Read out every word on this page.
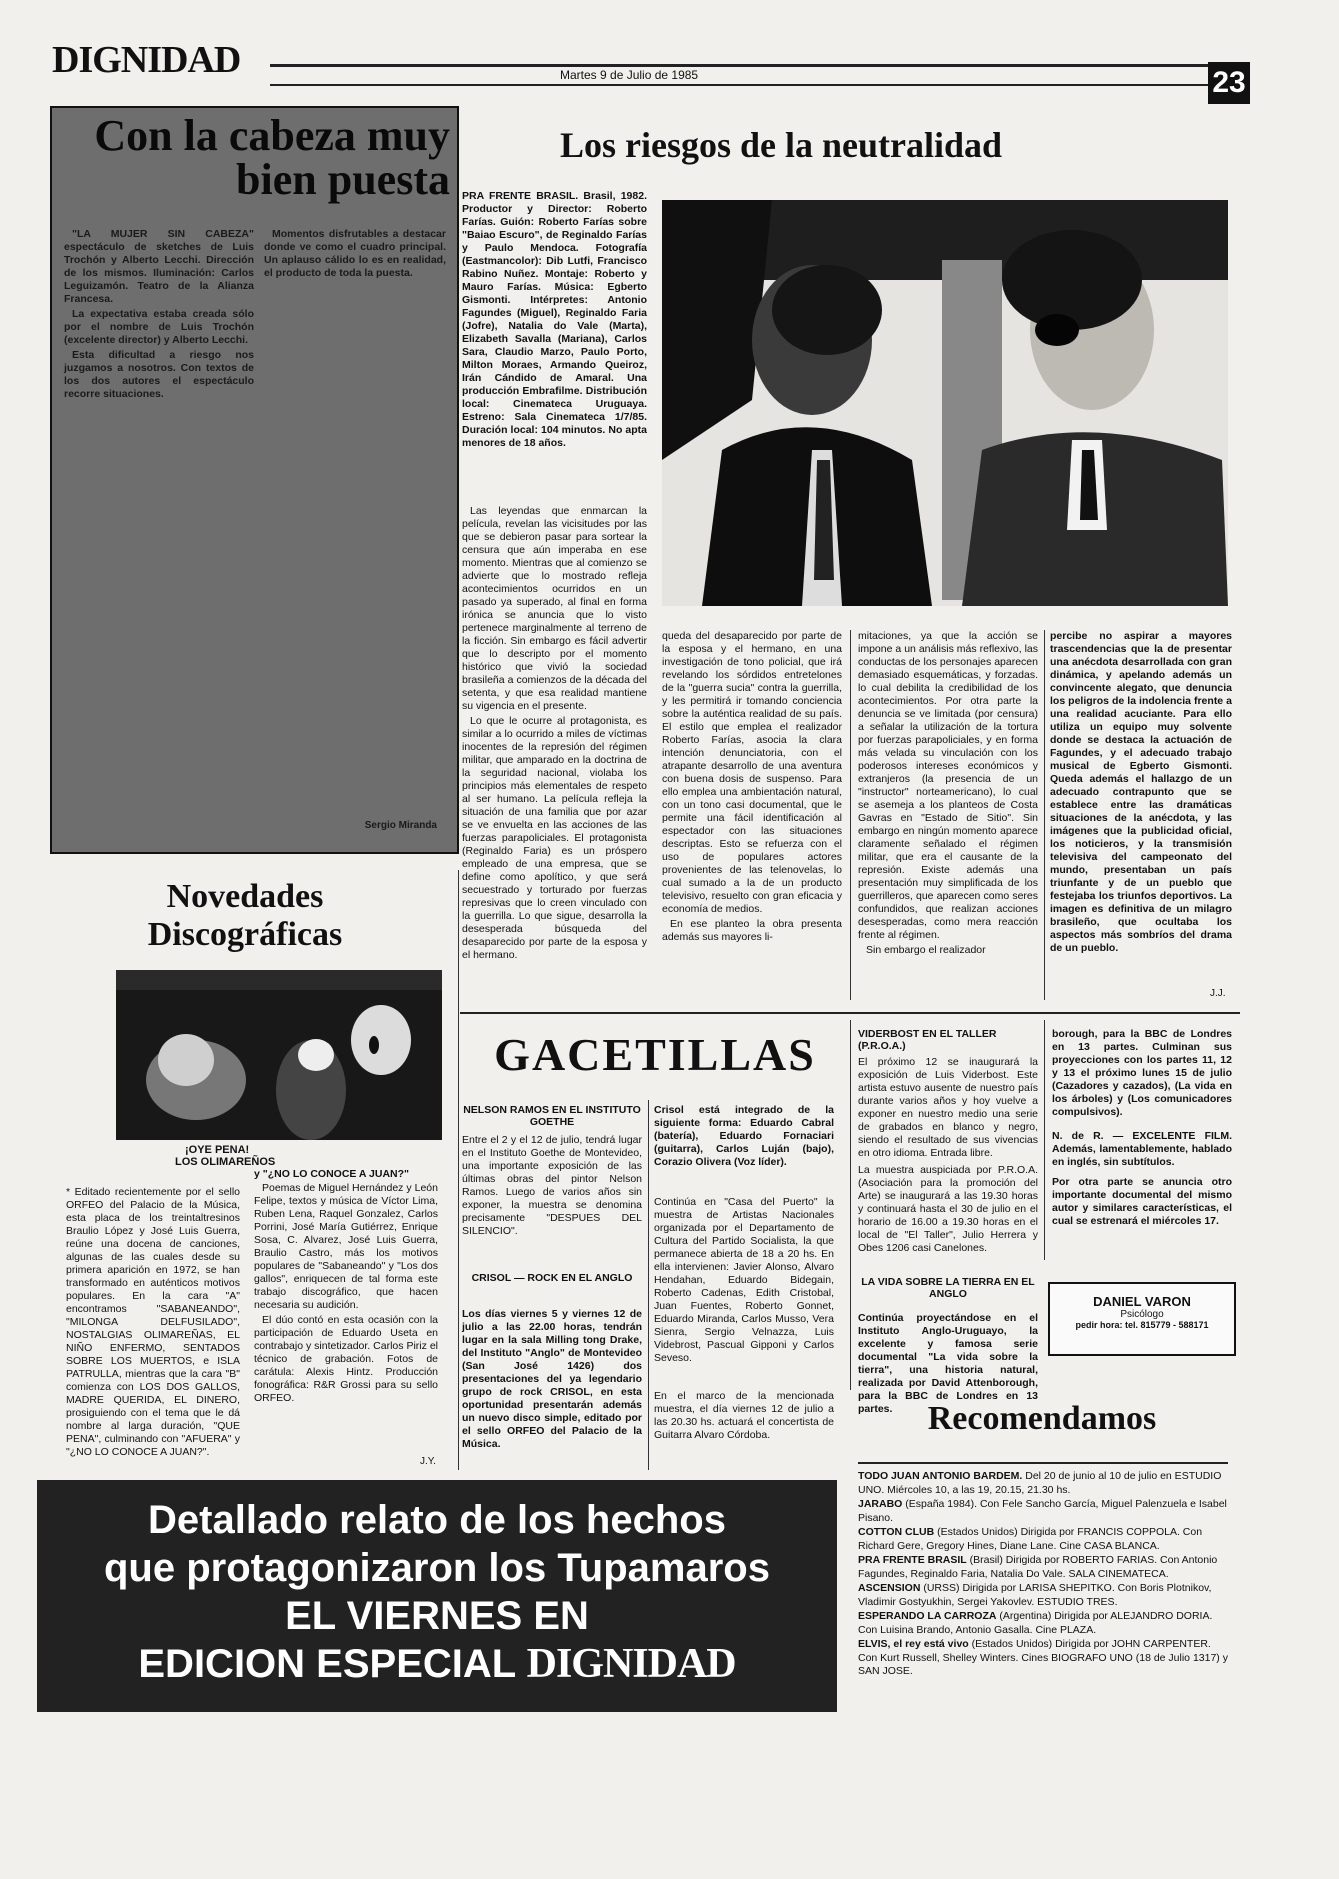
DIGNIDAD	Martes 9 de Julio de 1985	23
Con la cabeza muy bien puesta

"LA MUJER SIN CABEZA" espectáculo de sketches de Luis Trochón y Alberto Lecchi. Dirección de los mismos. Iluminación: Carlos Leguizamón. Teatro de la Alianza Francesa.

La expectativa estaba creada sólo por el nombre de Luis Trochón (excelente director) y Alberto Lecchi.

Esta dificultad a riesgo nos juzgamos a nosotros. Con textos de los dos autores el espectáculo recorre situaciones.

Momentos disfrutables a destacar donde ve como el cuadro principal. Un aplauso cálido lo es en realidad, el producto de toda la puesta.

Sergio Miranda
Los riesgos de la neutralidad
PRA FRENTE BRASIL. Brasil, 1982. Productor y Director: Roberto Farías. Guión: Roberto Farías sobre "Baiao Escuro", de Reginaldo Farías y Paulo Mendoca. Fotografía (Eastmancolor): Dib Lutfi, Francisco Rabino Nuñez. Montaje: Roberto y Mauro Farías. Música: Egberto Gismonti. Intérpretes: Antonio Fagundes (Miguel), Reginaldo Faria (Jofre), Natalia do Vale (Marta), Elizabeth Savalla (Mariana), Carlos Sara, Claudio Marzo, Paulo Porto, Milton Moraes, Armando Queiroz, Irán Cándido de Amaral. Una producción Embrafilme. Distribución local: Cinemateca Uruguaya. Estreno: Sala Cinemateca 1/7/85. Duración local: 104 minutos. No apta menores de 18 años.

Las leyendas que enmarcan la película, revelan las vicisitudes por las que se debieron pasar para sortear la censura que aún imperaba en ese momento. Mientras que al comienzo se advierte que lo mostrado refleja acontecimientos ocurridos en un pasado ya superado, al final en forma irónica se anuncia que lo visto pertenece marginalmente al terreno de la ficción. Sin embargo es fácil advertir que lo descripto por el momento histórico que vivió la sociedad brasileña a comienzos de la década del setenta, y que esa realidad mantiene su vigencia en el presente.

Lo que le ocurre al protagonista, es similar a lo ocurrido a miles de víctimas inocentes de la represión del régimen militar, que amparado en la doctrina de la seguridad nacional, violaba los principios más elementales de respeto al ser humano. La película refleja la situación de una familia que por azar se ve envuelta en las acciones de las fuerzas parapoliciales. El protagonista (Reginaldo Faria) es un próspero empleado de una empresa, que se define como apolítico, y que será secuestrado y torturado por fuerzas represivas que lo creen vinculado con la guerrilla. Lo que sigue, desarrolla la desesperada búsqueda del desaparecido por parte de la esposa y el hermano.

queda del desaparecido por parte de la esposa y el hermano, en una investigación de tono policial, que irá revelando los sórdidos entretelones de la "guerra sucia" contra la guerrilla, y les permitirá ir tomando conciencia sobre la auténtica realidad de su país. El estilo que emplea el realizador Roberto Farías, asocia la clara intención denunciatoria, con el atrapante desarrollo de una aventura con buena dosis de suspenso. Para ello emplea una ambientación natural, con un tono casi documental, que le permite una fácil identificación al espectador con las situaciones descriptas. Esto se refuerza con el uso de populares actores provenientes de las telenovelas, lo cual sumado a la de un producto televisivo, resuelto con gran eficacia y economía de medios.

En ese planteo la obra presenta además sus mayores li-

mitaciones, ya que la acción se impone a un análisis más reflexivo, las conductas de los personajes aparecen demasiado esquemáticas, y forzadas. lo cual debilita la credibilidad de los acontecimientos. Por otra parte la denuncia se ve limitada (por censura) a señalar la utilización de la tortura por fuerzas parapoliciales, y en forma más velada su vinculación con los poderosos intereses económicos y extranjeros (la presencia de un "instructor" norteamericano), lo cual se asemeja a los planteos de Costa Gavras en "Estado de Sitio". Sin embargo en ningún momento aparece claramente señalado el régimen militar, que era el causante de la represión. Existe además una presentación muy simplificada de los guerrilleros, que aparecen como seres confundidos, que realizan acciones desesperadas, como mera reacción frente al régimen.

Sin embargo el realizador

percibe no aspirar a mayores trascendencias que la de presentar una anécdota desarrollada con gran dinámica, y apelando además un convincente alegato, que denuncia los peligros de la indolencia frente a una realidad acuciante. Para ello utiliza un equipo muy solvente donde se destaca la actuación de Fagundes, y el adecuado trabajo musical de Egberto Gismonti. Queda además el hallazgo de un adecuado contrapunto que se establece entre las dramáticas situaciones de la anécdota, y las imágenes que la publicidad oficial, los noticieros, y la transmisión televisiva del campeonato del mundo, presentaban un país triunfante y de un pueblo que festejaba los triunfos deportivos. La imagen es definitiva de un milagro brasileño, que ocultaba los aspectos más sombríos del drama de un pueblo.

J.J.
Novedades Discográficas
¡OYE PENA!
LOS OLIMAREÑOS
* Editado recientemente por el sello ORFEO del Palacio de la Música, esta placa de los treintaltresinos Braulio López y José Luis Guerra, reúne una docena de canciones, algunas de las cuales desde su primera aparición en 1972, se han transformado en auténticos motivos populares. En la cara "A" encontramos "SABANEANDO", "MILONGA DELFUSILADO", NOSTALGIAS OLIMAREÑAS, EL NIÑO ENFERMO, SENTADOS SOBRE LOS MUERTOS, e ISLA PATRULLA, mientras que la cara "B" comienza con LOS DOS GALLOS, MADRE QUERIDA, EL DINERO, prosiguiendo con el tema que le dá nombre al larga duración, "QUE PENA", culminando con "AFUERA" y "¿NO LO CONOCE A JUAN?".
y "¿NO LO CONOCE A JUAN?"

Poemas de Miguel Hernández y León Felipe, textos y música de Víctor Lima, Ruben Lena, Raquel Gonzalez, Carlos Porrini, José María Gutiérrez, Enrique Sosa, C. Alvarez, José Luis Guerra, Braulio Castro, más los motivos populares de "Sabaneando" y "Los dos gallos", enriquecen de tal forma este trabajo discográfico, que hacen necesaria su audición.

El dúo contó en esta ocasión con la participación de Eduardo Useta en contrabajo y sintetizador. Carlos Piriz el técnico de grabación. Fotos de carátula: Alexis Hintz. Producción fonográfica: R&R Grossi para su sello ORFEO.

J.Y.
GACETILLAS
NELSON RAMOS EN EL INSTITUTO GOETHE
Entre el 2 y el 12 de julio, tendrá lugar en el Instituto Goethe de Montevideo, una importante exposición de las últimas obras del pintor Nelson Ramos. Luego de varios años sin exponer, la muestra se denomina precisamente "DESPUES DEL SILENCIO".
CRISOL — ROCK EN EL ANGLO
Los días viernes 5 y viernes 12 de julio a las 22.00 horas, tendrán lugar en la sala Milling tong Drake, del Instituto "Anglo" de Montevideo (San José 1426) dos presentaciones del ya legendario grupo de rock CRISOL, en esta oportunidad presentarán además un nuevo disco simple, editado por el sello ORFEO del Palacio de la Música.
Crisol está integrado de la siguiente forma: Eduardo Cabral (batería), Eduardo Fornaciari (guitarra), Carlos Luján (bajo), Corazio Olivera (Voz líder).
Continúa en "Casa del Puerto" la muestra de Artistas Nacionales organizada por el Departamento de Cultura del Partido Socialista, la que permanece abierta de 18 a 20 hs. En ella intervienen: Javier Alonso, Alvaro Hendahan, Eduardo Bidegain, Roberto Cadenas, Edith Cristobal, Juan Fuentes, Roberto Gonnet, Eduardo Miranda, Carlos Musso, Vera Sienra, Sergio Velnazza, Luis Videbrost, Pascual Gipponi y Carlos Seveso.
En el marco de la mencionada muestra, el día viernes 12 de julio a las 20.30 hs. actuará el concertista de Guitarra Alvaro Córdoba.
VIDERBOST EN EL TALLER (P.R.O.A.)
El próximo 12 se inaugurará la exposición de Luis Viderbost. Este artista estuvo ausente de nuestro país durante varios años y hoy vuelve a exponer en nuestro medio una serie de grabados en blanco y negro, siendo el resultado de sus vivencias en otro idioma. Entrada libre.
La muestra auspiciada por P.R.O.A. (Asociación para la promoción del Arte) se inaugurará a las 19.30 horas y continuará hasta el 30 de julio en el horario de 16.00 a 19.30 horas en el local de "El Taller", Julio Herrera y Obes 1206 casi Canelones.
LA VIDA SOBRE LA TIERRA EN EL ANGLO
Continúa proyectándose en el Instituto Anglo-Uruguayo, la excelente y famosa serie documental "La vida sobre la tierra", una historia natural, realizada por David Attenborough, para la BBC de Londres en 13 partes.
borough, para la BBC de Londres en 13 partes. Culminan sus proyecciones con los partes 11, 12 y 13 el próximo lunes 15 de julio (Cazadores y cazados), (La vida en los árboles) y (Los comunicadores compulsivos).
N. de R. — EXCELENTE FILM. Además, lamentablemente, hablado en inglés, sin subtítulos.
Por otra parte se anuncia otro importante documental del mismo autor y similares características, el cual se estrenará el miércoles 17.
DANIEL VARON
Psicólogo
pedir hora: tel. 815779 - 588171
Recomendamos
TODO JUAN ANTONIO BARDEM. Del 20 de junio al 10 de julio en ESTUDIO UNO. Miércoles 10, a las 19, 20.15, 21.30 hs.
JARABO (España 1984). Con Fele Sancho García, Miguel Palenzuela e Isabel Pisano.
COTTON CLUB (Estados Unidos) Dirigida por FRANCIS COPPOLA. Con Richard Gere, Gregory Hines, Diane Lane. Cine CASA BLANCA.
PRA FRENTE BRASIL (Brasil) Dirigida por ROBERTO FARIAS. Con Antonio Fagundes, Reginaldo Faria, Natalia Do Vale. SALA CINEMATECA.
ASCENSION (URSS) Dirigida por LARISA SHEPITKO. Con Boris Plotnikov, Vladimir Gostyukhin, Sergei Yakovlev. ESTUDIO TRES.
ESPERANDO LA CARROZA (Argentina) Dirigida por ALEJANDRO DORIA. Con Luisina Brando, Antonio Gasalla. Cine PLAZA.
ELVIS, el rey está vivo (Estados Unidos) Dirigida por JOHN CARPENTER. Con Kurt Russell, Shelley Winters. Cines BIOGRAFO UNO (18 de Julio 1317) y SAN JOSE.
Detallado relato de los hechos
que protagonizaron los Tupamaros
EL VIERNES EN
EDICION ESPECIAL DIGNIDAD
